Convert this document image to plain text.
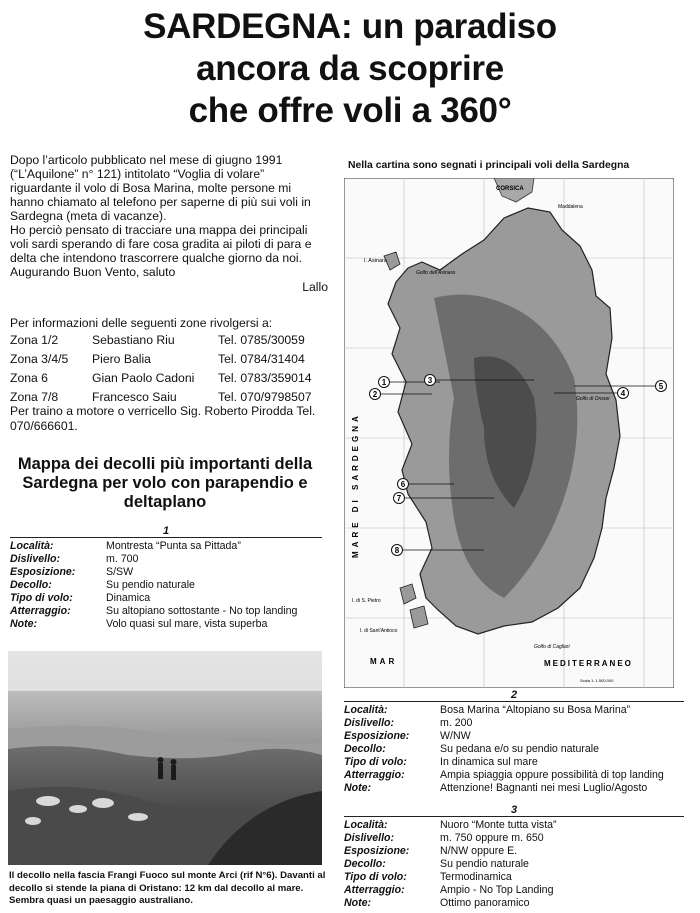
SARDEGNA: un paradiso
ancora da scoprire
che offre voli a 360°

Dopo l’articolo pubblicato nel mese di giugno 1991 (“L’Aquilone” n° 121) intitolato “Voglia di volare” riguardante il volo di Bosa Marina, molte persone mi hanno chiamato al telefono per saperne di più sui voli in Sardegna (meta di vacanze).

Ho perciò pensato di tracciare una mappa dei principali voli sardi sperando di fare cosa gradita ai piloti di para e delta che intendono trascorrere qualche giorno da noi.

Augurando Buon Vento, saluto

Lallo

Per informazioni delle seguenti zone rivolgersi a:
Zona 1/2	Sebastiano Riu	Tel. 0785/30059
Zona 3/4/5 Piero Balia	Tel. 0784/31404
Zona 6	Gian Paolo Cadoni Tel. 0783/359014
Zona 7/8	Francesco Saiu	Tel. 070/9798507
Per traino a motore o verricello Sig. Roberto Pirodda Tel. 070/666601.
Mappa dei decolli più importanti della Sardegna per volo con parapendio e deltaplano
1
Località:	Montresta “Punta sa Pittada”
Dislivello:	m. 700
Esposizione:	S/SW
Decollo:	Su pendio naturale
Tipo di volo:	Dinamica
Atterraggio:	Su altopiano sottostante - No top landing
Note:	Volo quasi sul mare, vista superba
2
Località:	Bosa Marina “Altopiano su Bosa Marina”
Dislivello:	m. 200
Esposizione:	W/NW
Decollo:	Su pedana e/o su pendio naturale
Tipo di volo:	In dinamica sul mare
Atterraggio:	Ampia spiaggia oppure possibilità di top landing
Note:	Attenzione! Bagnanti nei mesi Luglio/Agosto
3
Località:	Nuoro “Monte tutta vista”
Dislivello:	m. 750 oppure m. 650
Esposizione:	N/NW oppure E.
Decollo:	Su pendio naturale
Tipo di volo:	Termodinamica
Atterraggio:	Ampio - No Top Landing
Note:	Ottimo panoramico
Il decollo nella fascia Frangi Fuoco sul monte Arci (rif N°6). Davanti al decollo si stende la piana di Oristano: 12 km dal decollo al mare. Sembra quasi un paesaggio australiano.
Nella cartina sono segnati i principali voli della Sardegna
CORSICA
I. Asinara
Golfo dell'Asinara
Golfo di Orosei
Golfo di Cagliari
I. di S. Pietro
I. di Sant'Antioco
Maddalena
MARE DI SARDEGNA
MAR	MEDITERRANEO
Scala 1: 1.500.000
1
2
3
4
5
6
7
8
